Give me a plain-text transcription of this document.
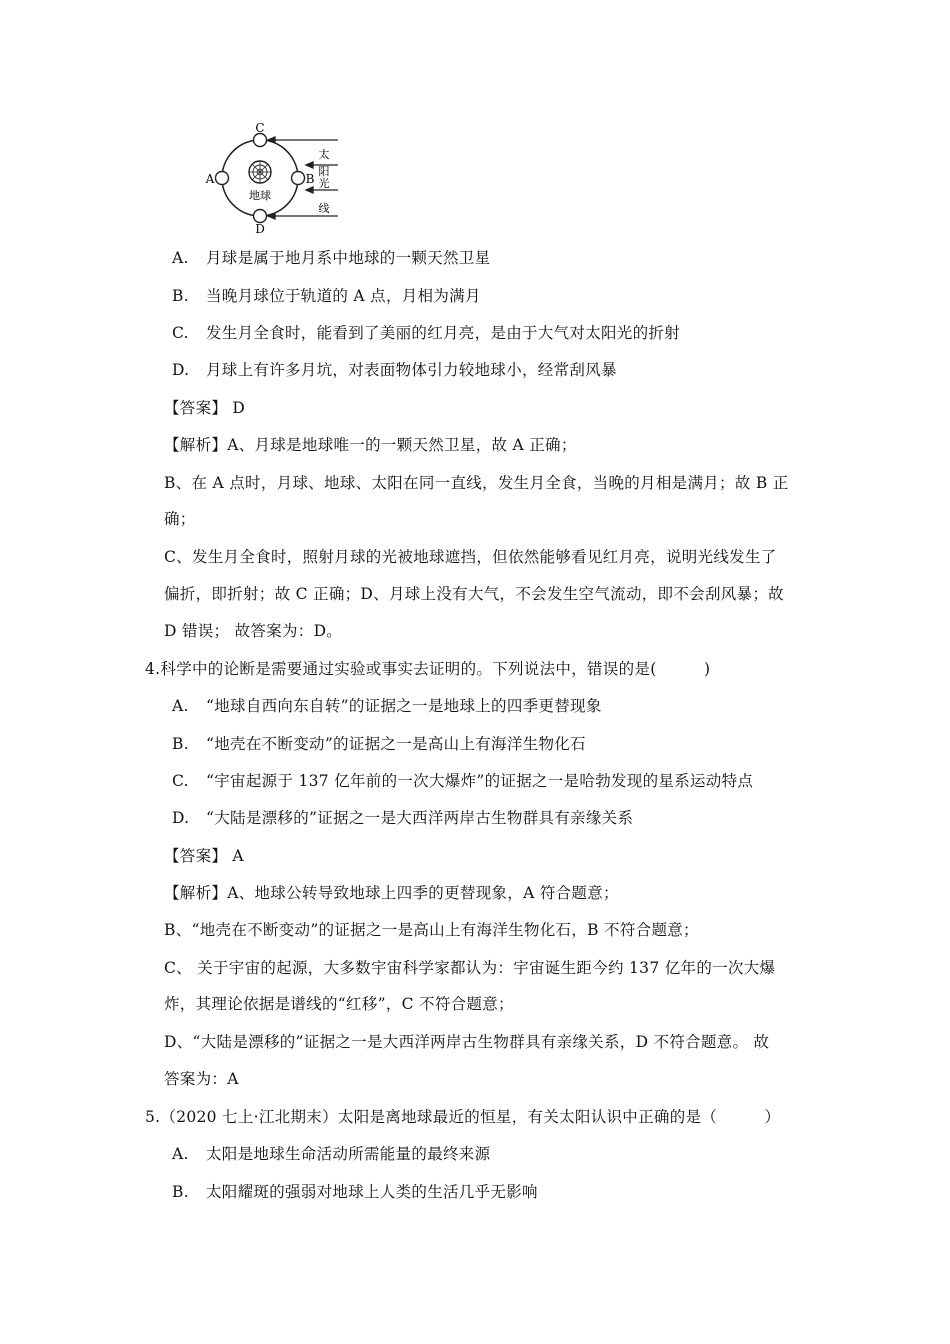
地球
C
A	B
D
太
阳
光
线
A. 月球是属于地月系中地球的一颗天然卫星
B. 当晚月球位于轨道的 A 点，月相为满月
C. 发生月全食时，能看到了美丽的红月亮，是由于大气对太阳光的折射
D. 月球上有许多月坑，对表面物体引力较地球小，经常刮风暴
【答案】 D
【解析】A、月球是地球唯一的一颗天然卫星，故 A 正确；
B、在 A 点时，月球、地球、太阳在同一直线，发生月全食，当晚的月相是满月；故 B 正
确；
C、发生月全食时，照射月球的光被地球遮挡，但依然能够看见红月亮，说明光线发生了
偏折，即折射；故 C 正确；D、月球上没有大气，不会发生空气流动，即不会刮风暴；故
D 错误； 故答案为：D。
4.科学中的论断是需要通过实验或事实去证明的。下列说法中，错误的是(　　　)
A. “地球自西向东自转”的证据之一是地球上的四季更替现象
B. “地壳在不断变动”的证据之一是高山上有海洋生物化石
C. “宇宙起源于 137 亿年前的一次大爆炸”的证据之一是哈勃发现的星系运动特点
D. “大陆是漂移的”证据之一是大西洋两岸古生物群具有亲缘关系
【答案】 A
【解析】A、地球公转导致地球上四季的更替现象，A 符合题意；
B、“地壳在不断变动”的证据之一是高山上有海洋生物化石，B 不符合题意；
C、 关于宇宙的起源，大多数宇宙科学家都认为：宇宙诞生距今约 137 亿年的一次大爆
炸，其理论依据是谱线的“红移”，C 不符合题意；
D、“大陆是漂移的”证据之一是大西洋两岸古生物群具有亲缘关系，D 不符合题意。 故
答案为：A
5.（2020 七上·江北期末）太阳是离地球最近的恒星，有关太阳认识中正确的是（　　　）
A. 太阳是地球生命活动所需能量的最终来源
B. 太阳耀斑的强弱对地球上人类的生活几乎无影响
